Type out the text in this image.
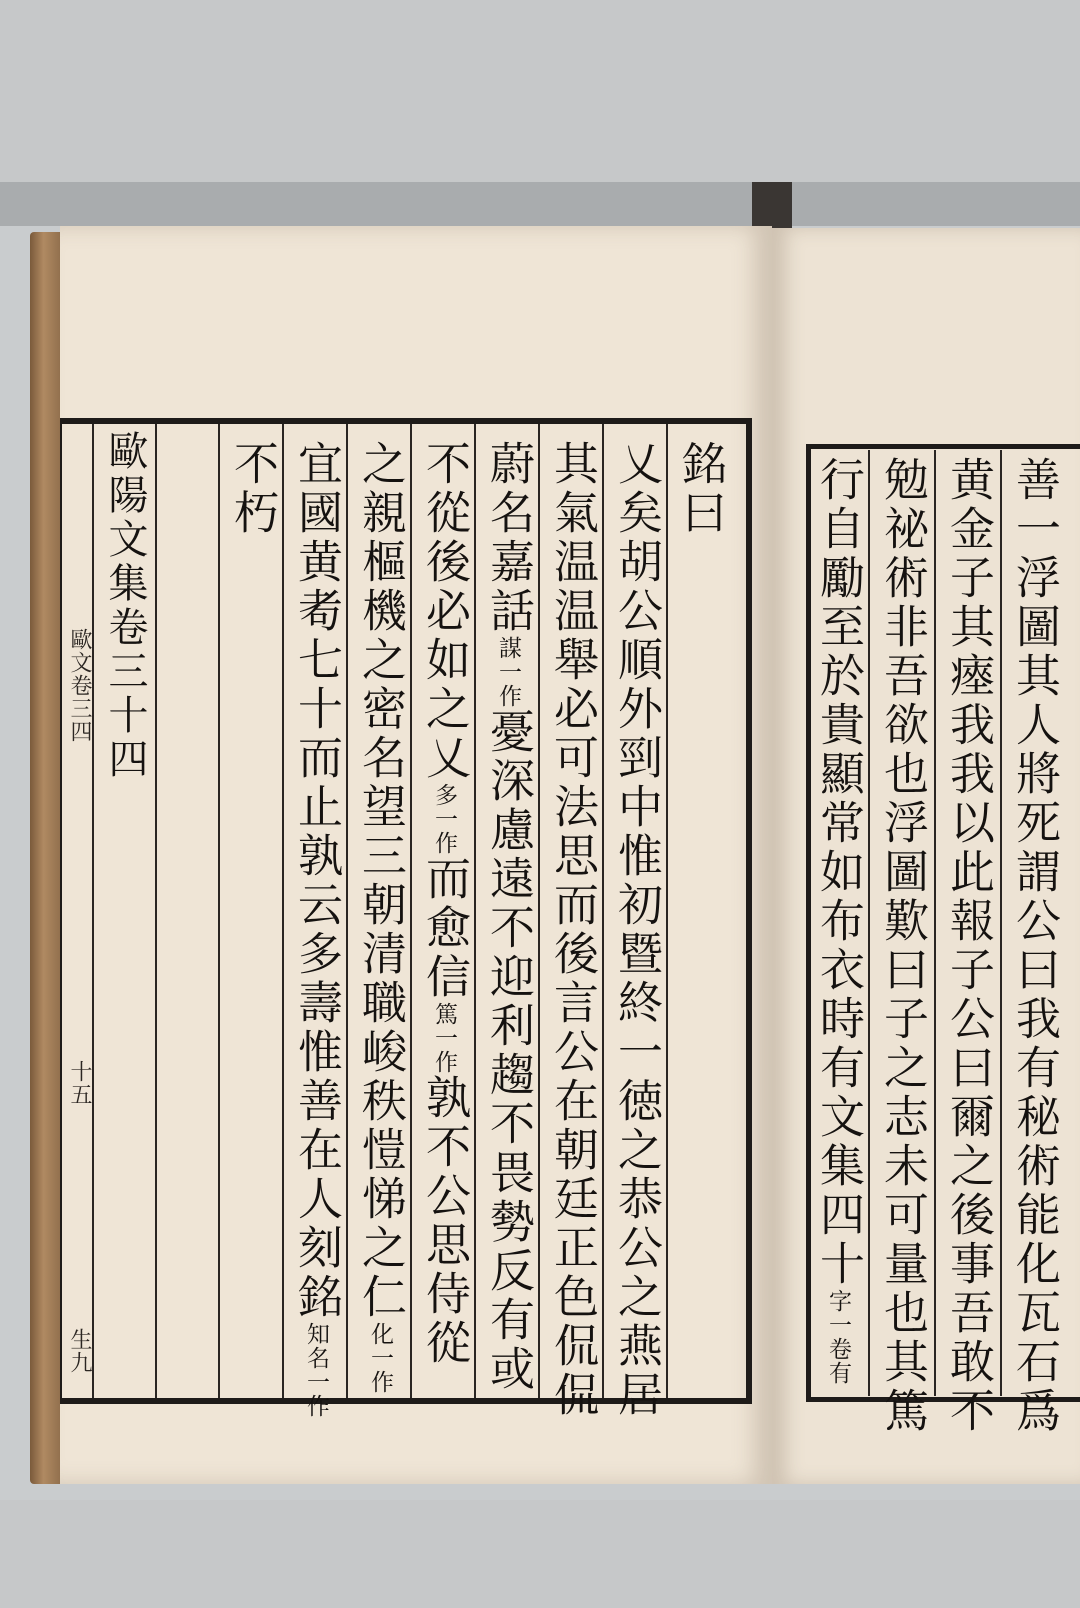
銘曰
乂矣胡公順外剄中惟初暨終一徳之恭公之燕居
其氣温温舉必可法思而後言公在朝廷正色侃侃
蔚名嘉話謀一作憂深慮遠不迎利趨不畏勢反有或
不從後必如之乂多一作而愈信篤一作孰不公思侍從
之親樞機之密名望三朝清職峻秩愷悌之仁化一作
宜國黄耇七十而止孰云多壽惟善在人刻銘知名一作
不朽
歐陽文集卷三十四
歐文卷三四
十五
生九	善一浮圖其人將死謂公曰我有秘術能化瓦石爲
黄金子其瘞我我以此報子公曰爾之後事吾敢不
勉祕術非吾欲也浮圖歎曰子之志未可量也其篤
行自勵至於貴顯常如布衣時有文集四十字一卷有
